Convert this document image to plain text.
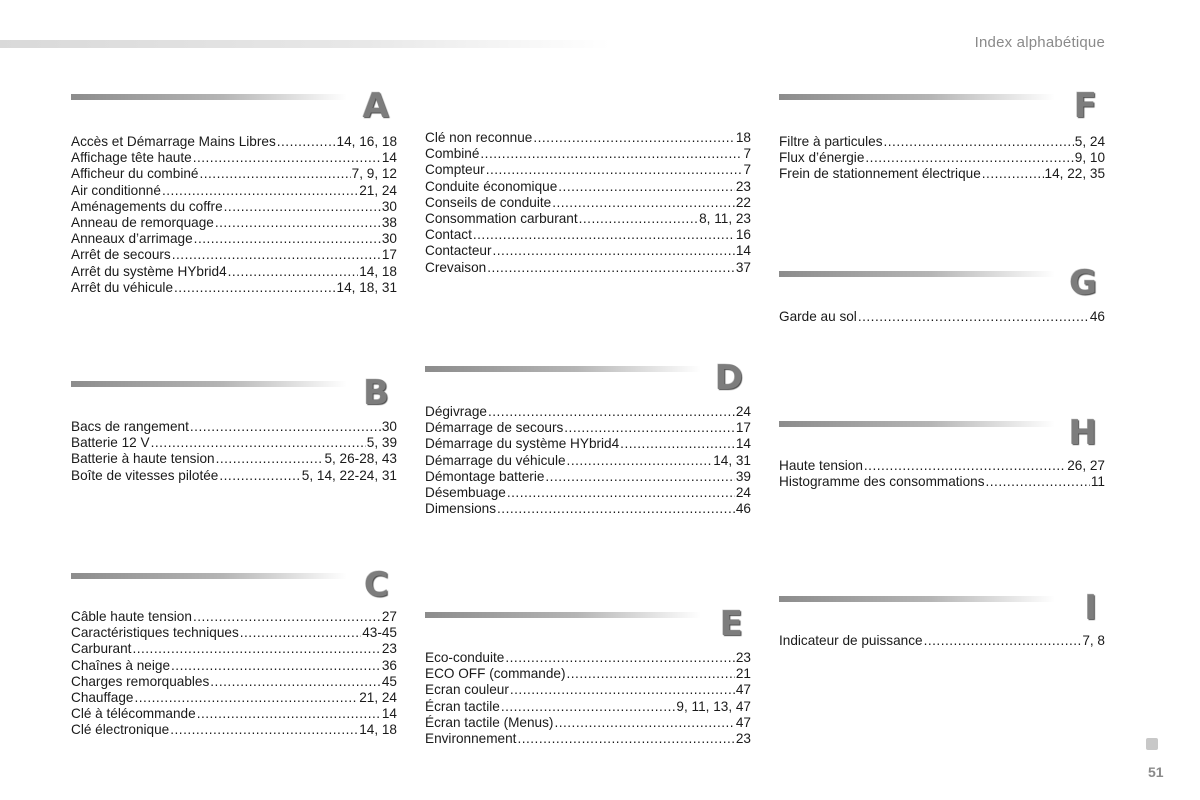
Index alphabétique
A
Accès et Démarrage Mains Libres .....	14, 16, 18
Affichage tête haute .....	14
Afficheur du combiné .....	7, 9, 12
Air conditionné .....	21, 24
Aménagements du coffre .....	30
Anneau de remorquage .....	38
Anneaux d’arrimage .....	30
Arrêt de secours .....	17
Arrêt du système HYbrid4 .....	14, 18
Arrêt du véhicule .....	14, 18, 31
B
Bacs de rangement .....	30
Batterie 12 V .....	5, 39
Batterie à haute tension .....	5, 26-28, 43
Boîte de vitesses pilotée .....	5, 14, 22-24, 31
C
Câble haute tension .....	27
Caractéristiques techniques .....	43-45
Carburant .....	23
Chaînes à neige .....	36
Charges remorquables .....	45
Chauffage .....	21, 24
Clé à télécommande .....	14
Clé électronique .....	14, 18
Clé non reconnue .....	18
Combiné .....	7
Compteur .....	7
Conduite économique .....	23
Conseils de conduite .....	22
Consommation carburant .....	8, 11, 23
Contact .....	16
Contacteur .....	14
Crevaison .....	37
D
Dégivrage .....	24
Démarrage de secours .....	17
Démarrage du système HYbrid4 .....	14
Démarrage du véhicule .....	14, 31
Démontage batterie .....	39
Désembuage .....	24
Dimensions .....	46
E
Eco-conduite .....	23
ECO OFF (commande) .....	21
Ecran couleur .....	47
Écran tactile .....	9, 11, 13, 47
Écran tactile (Menus) .....	47
Environnement .....	23
F
Filtre à particules .....	5, 24
Flux d’énergie .....	9, 10
Frein de stationnement électrique .....	14, 22, 35
G
Garde au sol .....	46
H
Haute tension .....	26, 27
Histogramme des consommations .....	11
I
Indicateur de puissance .....	7, 8
51
